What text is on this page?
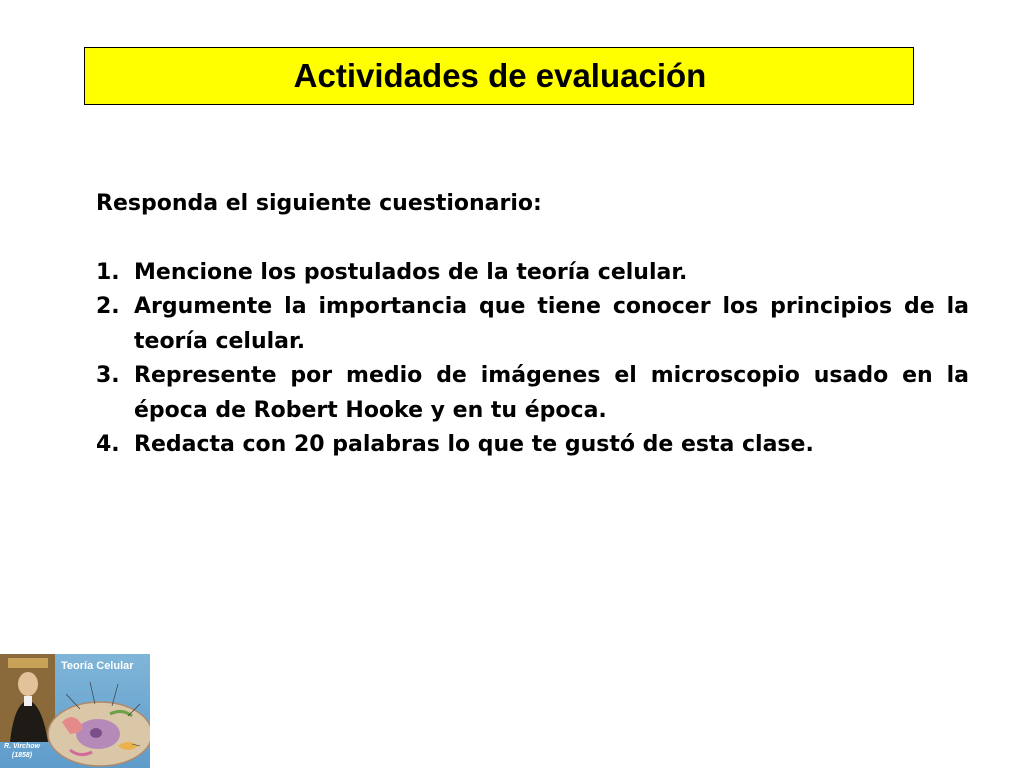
Actividades de evaluación

Responda el siguiente cuestionario:

1. Mencione los postulados de la teoría celular.
2. Argumente la importancia que tiene conocer los principios de la teoría celular.
3. Represente por medio de imágenes el microscopio usado en la época de Robert Hooke y en tu época.
4. Redacta con 20 palabras lo que te gustó de esta clase.
Teoría Celular
R. Virchow
(1858)
